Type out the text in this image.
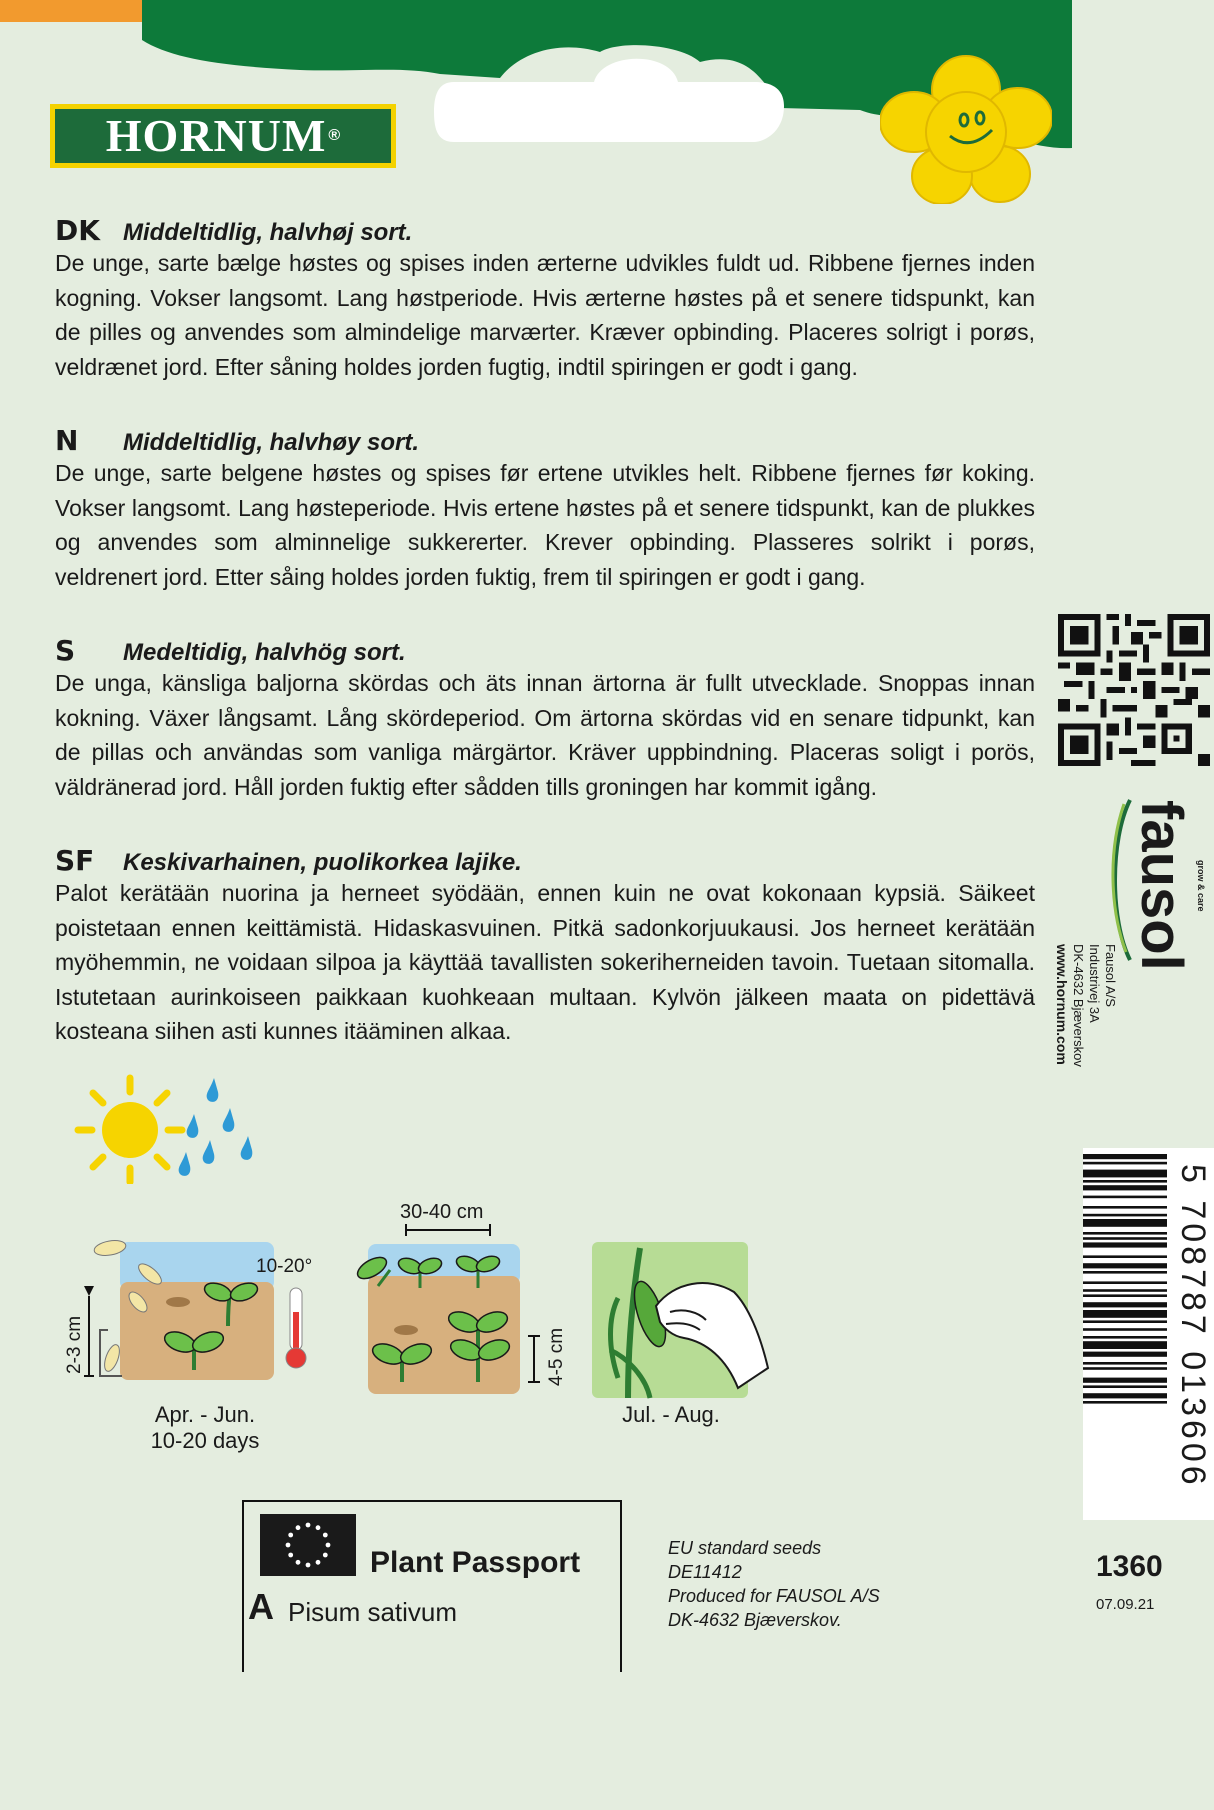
HORNUM ®
DK Middeltidlig, halvhøj sort.
De unge, sarte bælge høstes og spises inden ærterne udvikles fuldt ud. Ribbene fjernes inden kogning. Vokser langsomt. Lang høstperiode. Hvis ærterne høstes på et senere tidspunkt, kan de pilles og anvendes som almindelige marværter. Kræver opbinding. Placeres solrigt i porøs, veldrænet jord. Efter såning holdes jorden fugtig, indtil spiringen er godt i gang.
N Middeltidlig, halvhøy sort.
De unge, sarte belgene høstes og spises før ertene utvikles helt. Ribbene fjernes før koking. Vokser langsomt. Lang høsteperiode. Hvis ertene høstes på et senere tidspunkt, kan de plukkes og anvendes som alminnelige sukkererter. Krever opbinding. Plasseres solrikt i porøs, veldrenert jord. Etter såing holdes jorden fuktig, frem til spiringen er godt i gang.
S Medeltidig, halvhög sort.
De unga, känsliga baljorna skördas och äts innan ärtorna är fullt utvecklade. Snoppas innan kokning. Växer långsamt. Lång skördeperiod. Om ärtorna skördas vid en senare tidpunkt, kan de pillas och användas som vanliga märgärtor. Kräver uppbindning. Placeras soligt i porös, väldränerad jord. Håll jorden fuktig efter sådden tills groningen har kommit igång.
SF Keskivarhainen, puolikorkea lajike.
Palot kerätään nuorina ja herneet syödään, ennen kuin ne ovat kokonaan kypsiä. Säikeet poistetaan ennen keittämistä. Hidaskasvuinen. Pitkä sadonkorjuukausi. Jos herneet kerätään myöhemmin, ne voidaan silpoa ja käyttää tavallisten sokeriherneiden tavoin. Tuetaan sitomalla. Istutetaan aurinkoiseen paikkaan kuohkeaan multaan. Kylvön jälkeen maata on pidettävä kosteana siihen asti kunnes itääminen alkaa.
fausol grow & care
Fausol A/S
Industrivej 3A
DK-4632 Bjæverskov
www.hornum.com
5 708787 013606
1360
07.09.21
10-20°
2-3 cm
30-40 cm
4-5 cm
Apr. - Jun.
10-20 days
Jul. - Aug.
Plant Passport
A Pisum sativum
EU standard seeds
DE11412
Produced for FAUSOL A/S
DK-4632 Bjæverskov.
